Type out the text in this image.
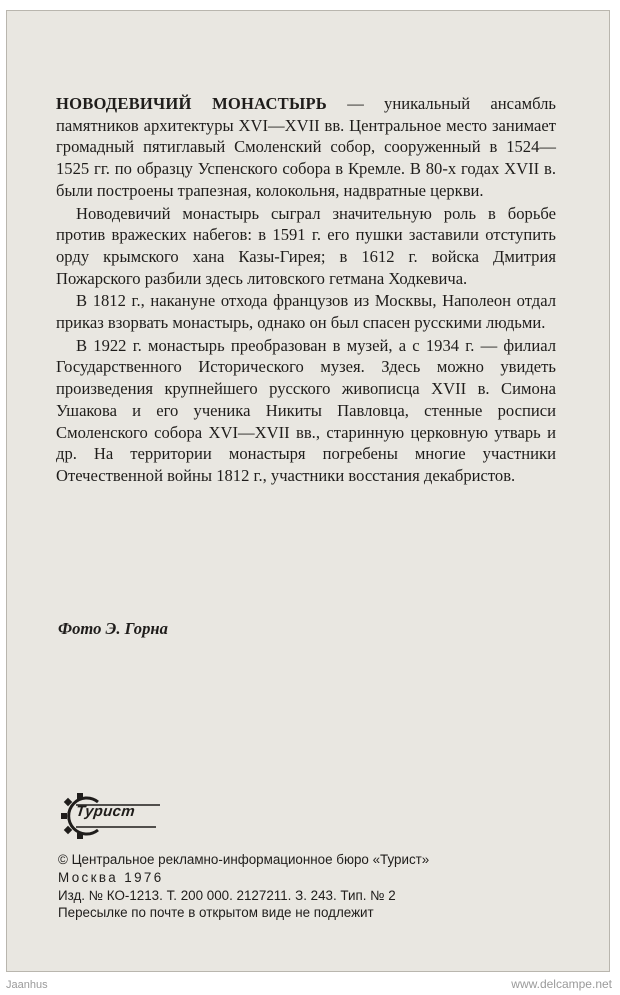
НОВОДЕВИЧИЙ МОНАСТЫРЬ — уникальный ансамбль памятников архитектуры XVI—XVII вв. Центральное место занимает громадный пятиглавый Смоленский собор, сооруженный в 1524—1525 гг. по образцу Успенского собора в Кремле. В 80-х годах XVII в. были построены трапезная, колокольня, надвратные церкви.

Новодевичий монастырь сыграл значительную роль в борьбе против вражеских набегов: в 1591 г. его пушки заставили отступить орду крымского хана Казы-Гирея; в 1612 г. войска Дмитрия Пожарского разбили здесь литовского гетмана Ходкевича.

В 1812 г., накануне отхода французов из Москвы, Наполеон отдал приказ взорвать монастырь, однако он был спасен русскими людьми.

В 1922 г. монастырь преобразован в музей, а с 1934 г. — филиал Государственного Исторического музея. Здесь можно увидеть произведения крупнейшего русского живописца XVII в. Симона Ушакова и его ученика Никиты Павловца, стенные росписи Смоленского собора XVI—XVII вв., старинную церковную утварь и др. На территории монастыря погребены многие участники Отечественной войны 1812 г., участники восстания декабристов.

Фото Э. Горна
Турист
© Центральное рекламно-информационное бюро «Турист»
Москва 1976
Изд. № КО-1213. Т. 200 000. 2127211. З. 243. Тип. № 2
Пересылке по почте в открытом виде не подлежит
Jaanhus	www.delcampe.net
